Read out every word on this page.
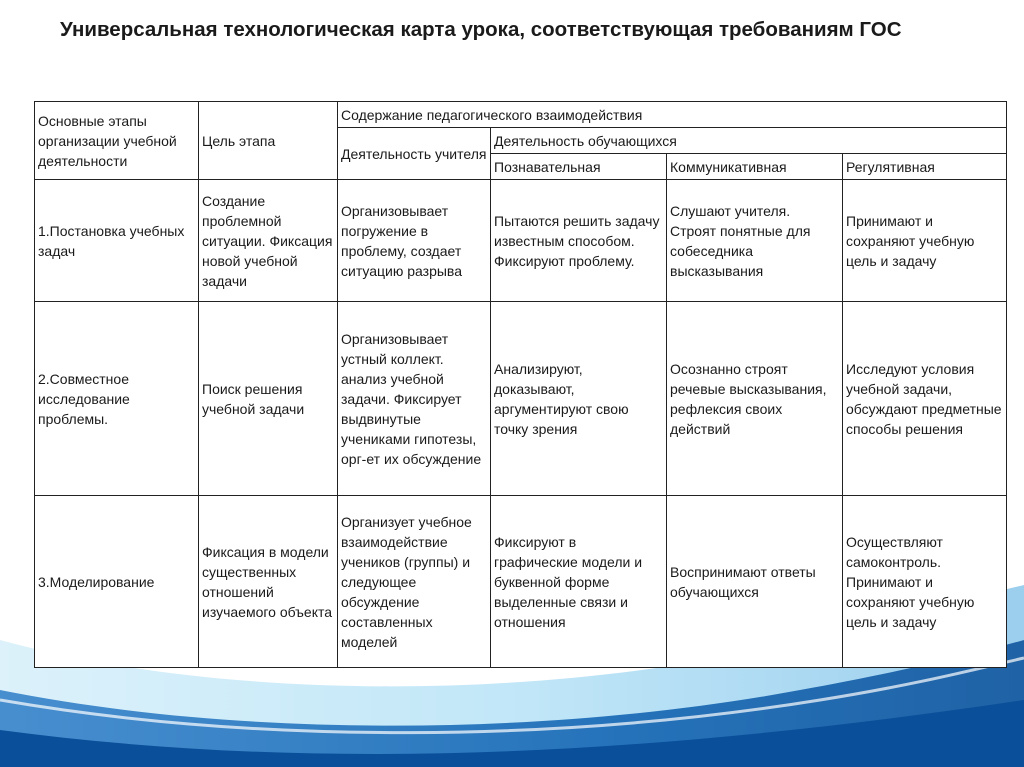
Универсальная технологическая карта урока, соответствующая требованиям ГОС
Основные этапы организации учебной деятельности	Цель этапа	Содержание педагогического взаимодействия			
		Деятельность учителя	Деятельность обучающихся		
			Познавательная	Коммуникативная	Регулятивная
1.Постановка учебных задач	Создание проблемной ситуации. Фиксация новой учебной задачи	Организовывает погружение в проблему, создает ситуацию разрыва	Пытаются решить задачу известным способом. Фиксируют проблему.	Слушают учителя. Строят понятные для собеседника высказывания	Принимают и сохраняют учебную цель и задачу
2.Совместное исследование проблемы.	Поиск решения учебной задачи	Организовывает устный коллект. анализ учебной задачи. Фиксирует выдвинутые учениками гипотезы, орг-ет их обсуждение	Анализируют, доказывают, аргументируют свою точку зрения	Осознанно строят речевые высказывания, рефлексия своих действий	Исследуют условия учебной задачи, обсуждают предметные способы решения
3.Моделирование	Фиксация в модели существенных отношений изучаемого объекта	Организует учебное взаимодействие учеников (группы) и следующее обсуждение составленных моделей	Фиксируют в графические модели и буквенной форме выделенные связи и отношения	Воспринимают ответы обучающихся	Осуществляют самоконтроль. Принимают и сохраняют учебную цель и задачу
